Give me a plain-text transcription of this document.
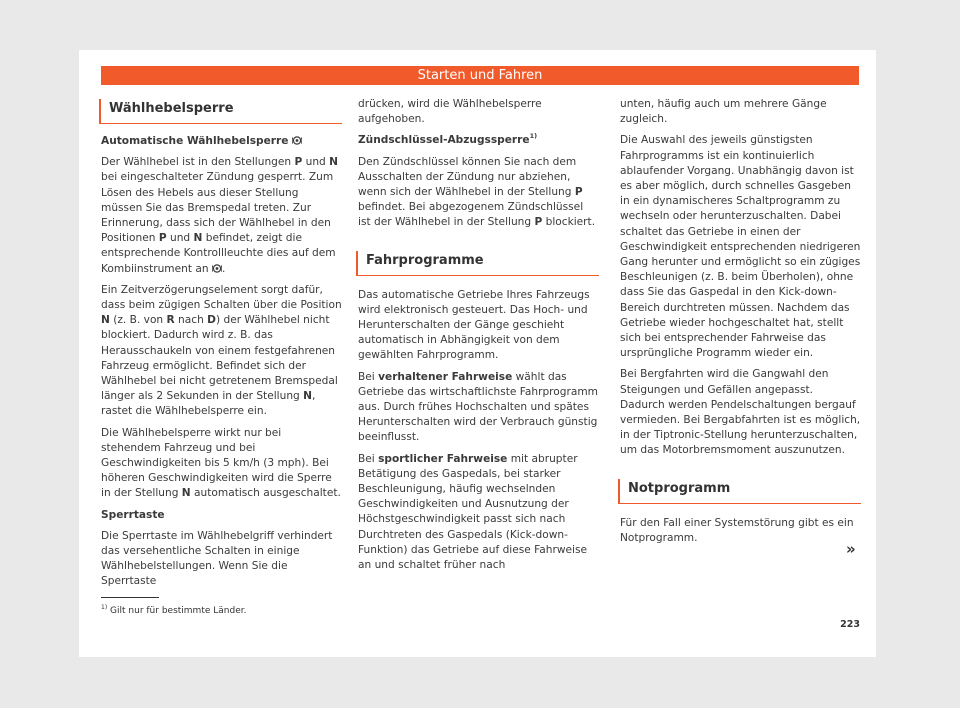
Starten und Fahren
Wählhebelsperre

Automatische Wählhebelsperre

Der Wählhebel ist in den Stellungen P und N bei eingeschalteter Zündung gesperrt. Zum Lösen des Hebels aus dieser Stellung müssen Sie das Bremspedal treten. Zur Erinnerung, dass sich der Wählhebel in den Positionen P und N befindet, zeigt die entsprechende Kontrollleuchte dies auf dem Kombiinstrument an .

Ein Zeitverzögerungselement sorgt dafür, dass beim zügigen Schalten über die Position N (z. B. von R nach D) der Wählhebel nicht blockiert. Dadurch wird z. B. das Herausschaukeln von einem festgefahrenen Fahrzeug ermöglicht. Befindet sich der Wählhebel bei nicht getretenem Bremspedal länger als 2 Sekunden in der Stellung N, rastet die Wählhebelsperre ein.

Die Wählhebelsperre wirkt nur bei stehendem Fahrzeug und bei Geschwindigkeiten bis 5 km/h (3 mph). Bei höheren Geschwindigkeiten wird die Sperre in der Stellung N automatisch ausgeschaltet.

Sperrtaste

Die Sperrtaste im Wählhebelgriff verhindert das versehentliche Schalten in einige Wählhebelstellungen. Wenn Sie die Sperrtaste

drücken, wird die Wählhebelsperre aufgehoben.

Zündschlüssel-Abzugssperre$^{1)}$

Den Zündschlüssel können Sie nach dem Ausschalten der Zündung nur abziehen, wenn sich der Wählhebel in der Stellung P befindet. Bei abgezogenem Zündschlüssel ist der Wählhebel in der Stellung P blockiert.

Fahrprogramme

Das automatische Getriebe Ihres Fahrzeugs wird elektronisch gesteuert. Das Hoch- und Herunterschalten der Gänge geschieht automatisch in Abhängigkeit von dem gewählten Fahrprogramm.

Bei verhaltener Fahrweise wählt das Getriebe das wirtschaftlichste Fahrprogramm aus. Durch frühes Hochschalten und spätes Herunterschalten wird der Verbrauch günstig beeinflusst.

Bei sportlicher Fahrweise mit abrupter Betätigung des Gaspedals, bei starker Beschleunigung, häufig wechselnden Geschwindigkeiten und Ausnutzung der Höchstgeschwindigkeit passt sich nach Durchtreten des Gaspedals (Kick-down-Funktion) das Getriebe auf diese Fahrweise an und schaltet früher nach

unten, häufig auch um mehrere Gänge zugleich.

Die Auswahl des jeweils günstigsten Fahrprogramms ist ein kontinuierlich ablaufender Vorgang. Unabhängig davon ist es aber möglich, durch schnelles Gasgeben in ein dynamischeres Schaltprogramm zu wechseln oder herunterzuschalten. Dabei schaltet das Getriebe in einen der Geschwindigkeit entsprechenden niedrigeren Gang herunter und ermöglicht so ein zügiges Beschleunigen (z. B. beim Überholen), ohne dass Sie das Gaspedal in den Kick-down-Bereich durchtreten müssen. Nachdem das Getriebe wieder hochgeschaltet hat, stellt sich bei entsprechender Fahrweise das ursprüngliche Programm wieder ein.

Bei Bergfahrten wird die Gangwahl den Steigungen und Gefällen angepasst. Dadurch werden Pendelschaltungen bergauf vermieden. Bei Bergabfahrten ist es möglich, in der Tiptronic-Stellung herunterzuschalten, um das Motorbremsmoment auszunutzen.

Notprogramm

Für den Fall einer Systemstörung gibt es ein Notprogramm.

»
$^{1)}$ Gilt nur für bestimmte Länder.
223
